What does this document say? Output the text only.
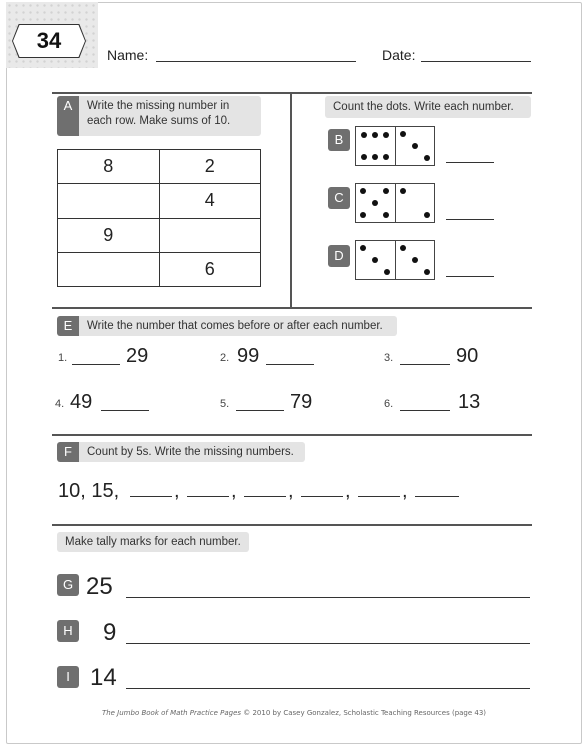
34
Name:	Date:
A	Write the missing number in each row. Make sums of 10.
8	2
	4
9	
	6
Count the dots. Write each number.
B
C
D
E	Write the number that comes before or after each number.
1.	29	2. 99	3.	90
4. 49	5.	79	6.	13
F	Count by 5s. Write the missing numbers.
10, 15,	,	,	,	,	,
Make tally marks for each number.
G 25
H 9
I 14
The Jumbo Book of Math Practice Pages © 2010 by Casey Gonzalez, Scholastic Teaching Resources (page 43)
